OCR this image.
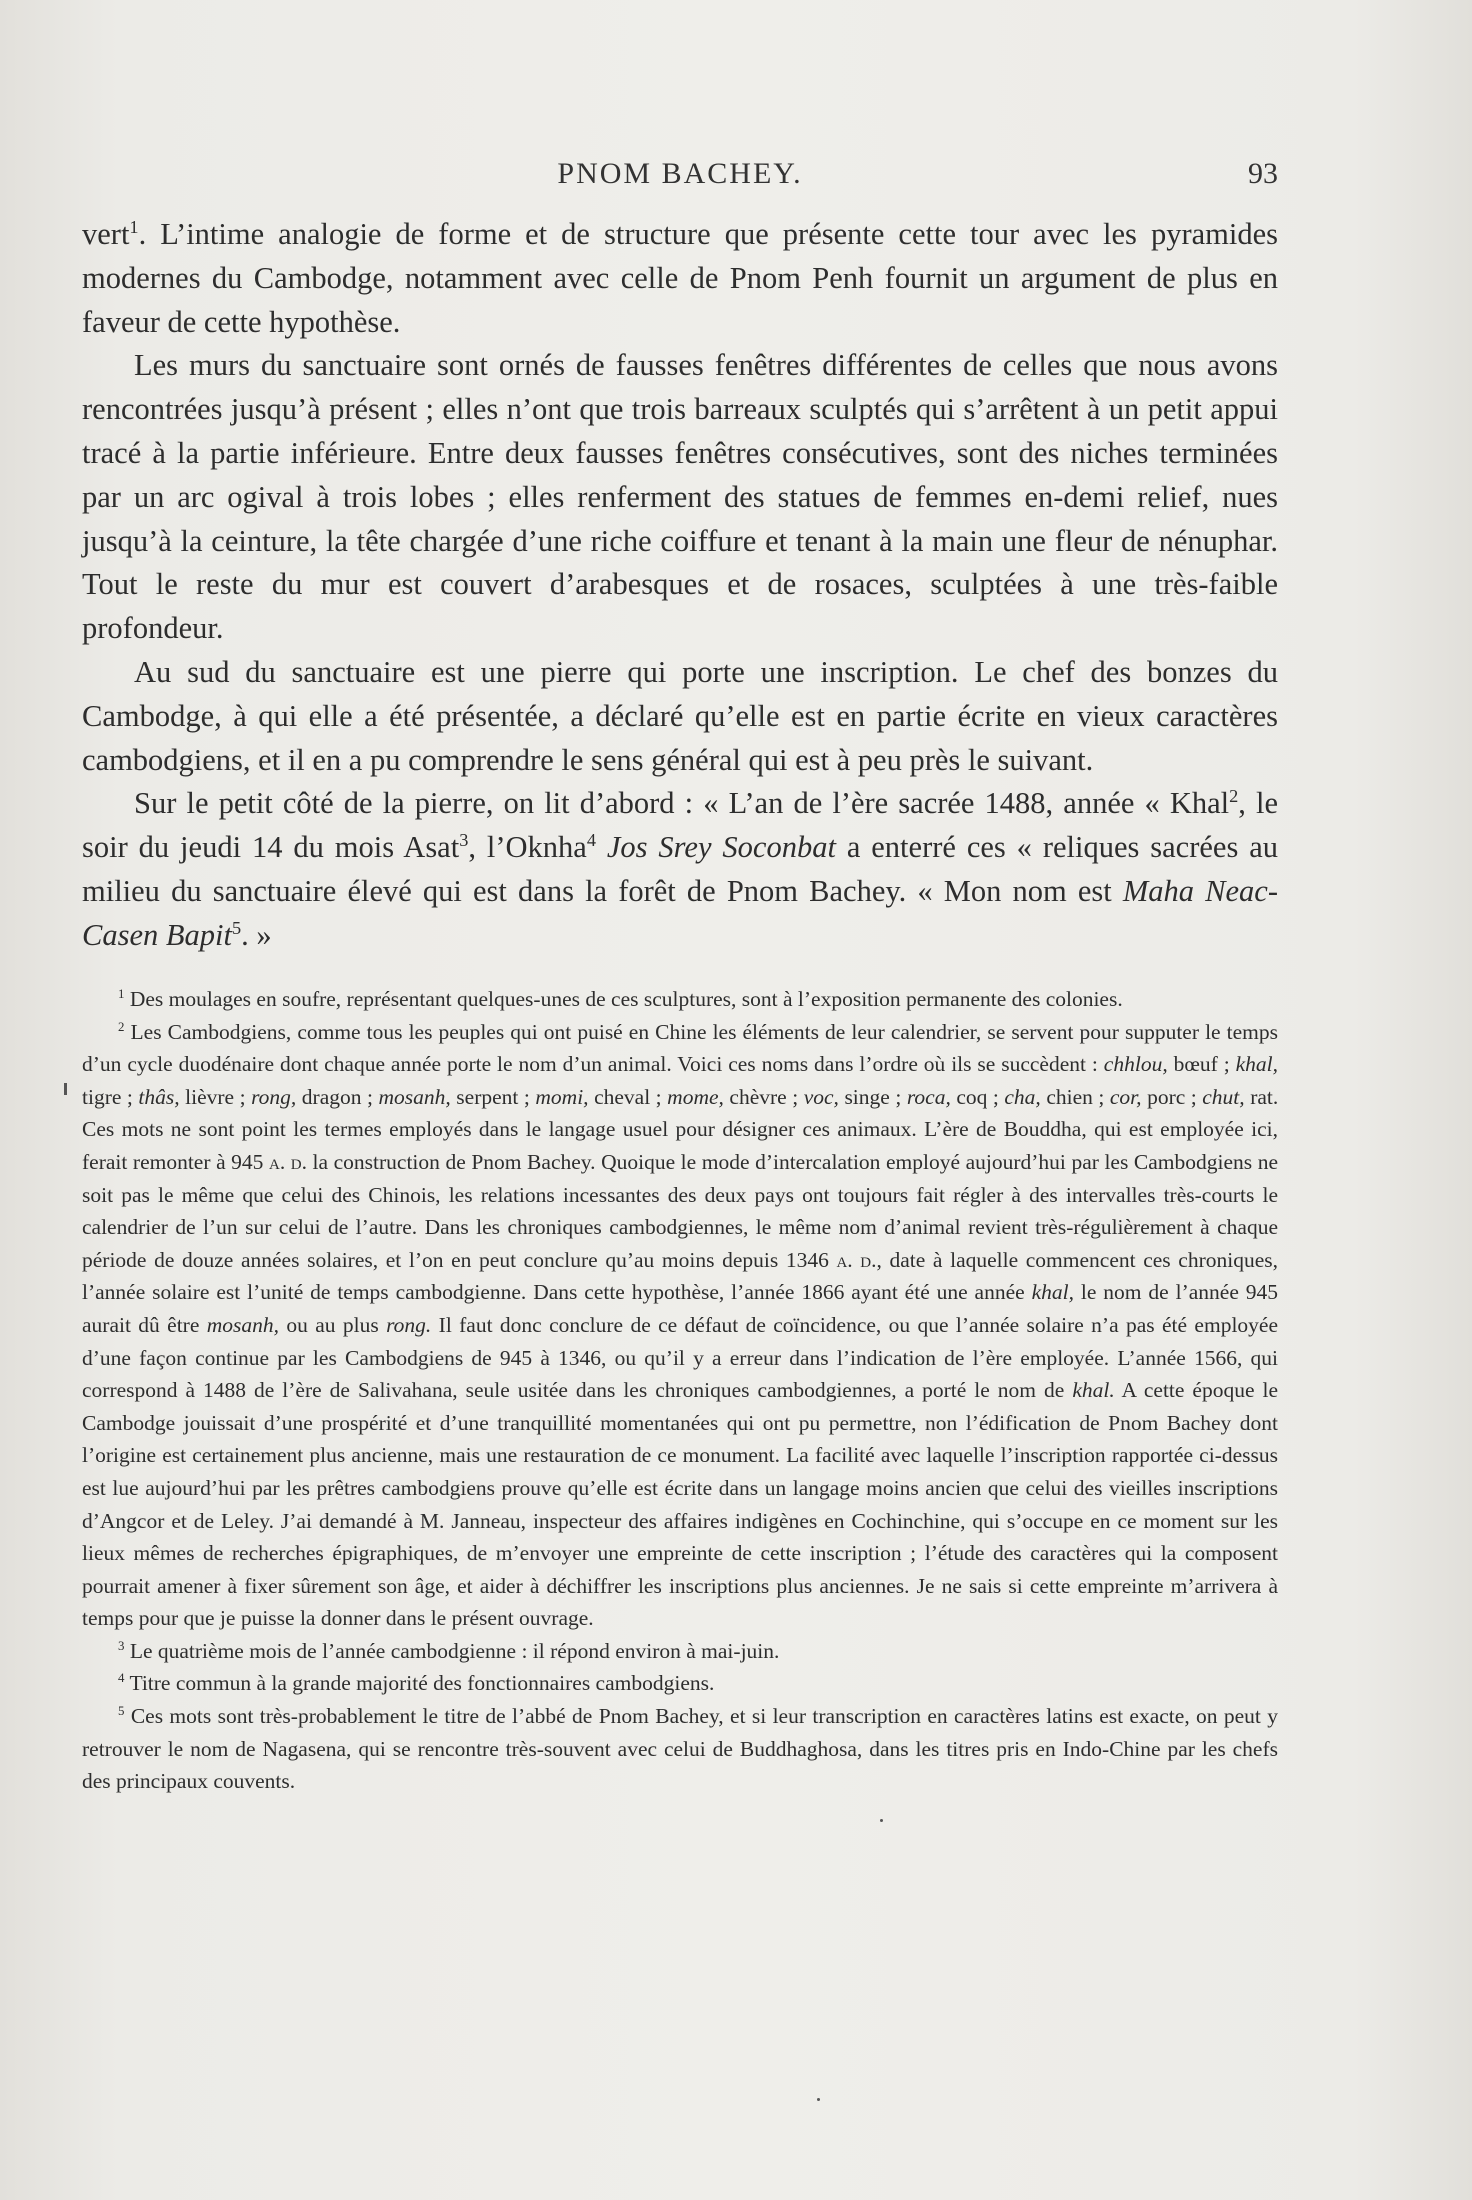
PNOM BACHEY.	93

vert$^1$. L’intime analogie de forme et de structure que présente cette tour avec les pyramides modernes du Cambodge, notamment avec celle de Pnom Penh fournit un argument de plus en faveur de cette hypothèse.

Les murs du sanctuaire sont ornés de fausses fenêtres différentes de celles que nous avons rencontrées jusqu’à présent ; elles n’ont que trois barreaux sculptés qui s’arrêtent à un petit appui tracé à la partie inférieure. Entre deux fausses fenêtres consécutives, sont des niches terminées par un arc ogival à trois lobes ; elles renferment des statues de femmes en-demi relief, nues jusqu’à la ceinture, la tête chargée d’une riche coiffure et tenant à la main une fleur de nénuphar. Tout le reste du mur est couvert d’arabesques et de rosaces, sculptées à une très-faible profondeur.

Au sud du sanctuaire est une pierre qui porte une inscription. Le chef des bonzes du Cambodge, à qui elle a été présentée, a déclaré qu’elle est en partie écrite en vieux caractères cambodgiens, et il en a pu comprendre le sens général qui est à peu près le suivant.

Sur le petit côté de la pierre, on lit d’abord : « L’an de l’ère sacrée 1488, année « Khal$^2$, le soir du jeudi 14 du mois Asat$^3$, l’Oknha$^4$ Jos Srey Soconbat a enterré ces « reliques sacrées au milieu du sanctuaire élevé qui est dans la forêt de Pnom Bachey. « Mon nom est Maha Neac-Casen Bapit$^5$. »

$^1$ Des moulages en soufre, représentant quelques-unes de ces sculptures, sont à l’exposition permanente des colonies.

$^2$ Les Cambodgiens, comme tous les peuples qui ont puisé en Chine les éléments de leur calendrier, se servent pour supputer le temps d’un cycle duodénaire dont chaque année porte le nom d’un animal. Voici ces noms dans l’ordre où ils se succèdent : chhlou, bœuf ; khal, tigre ; thâs, lièvre ; rong, dragon ; mosanh, serpent ; momi, cheval ; mome, chèvre ; voc, singe ; roca, coq ; cha, chien ; cor, porc ; chut, rat. Ces mots ne sont point les termes employés dans le langage usuel pour désigner ces animaux. L’ère de Bouddha, qui est employée ici, ferait remonter à 945 a. d. la construction de Pnom Bachey. Quoique le mode d’intercalation employé aujourd’hui par les Cambodgiens ne soit pas le même que celui des Chinois, les relations incessantes des deux pays ont toujours fait régler à des intervalles très-courts le calendrier de l’un sur celui de l’autre. Dans les chroniques cambodgiennes, le même nom d’animal revient très-régulièrement à chaque période de douze années solaires, et l’on en peut conclure qu’au moins depuis 1346 a. d., date à laquelle commencent ces chroniques, l’année solaire est l’unité de temps cambodgienne. Dans cette hypothèse, l’année 1866 ayant été une année khal, le nom de l’année 945 aurait dû être mosanh, ou au plus rong. Il faut donc conclure de ce défaut de coïncidence, ou que l’année solaire n’a pas été employée d’une façon continue par les Cambodgiens de 945 à 1346, ou qu’il y a erreur dans l’indication de l’ère employée. L’année 1566, qui correspond à 1488 de l’ère de Salivahana, seule usitée dans les chroniques cambodgiennes, a porté le nom de khal. A cette époque le Cambodge jouissait d’une prospérité et d’une tranquillité momentanées qui ont pu permettre, non l’édification de Pnom Bachey dont l’origine est certainement plus ancienne, mais une restauration de ce monument. La facilité avec laquelle l’inscription rapportée ci-dessus est lue aujourd’hui par les prêtres cambodgiens prouve qu’elle est écrite dans un langage moins ancien que celui des vieilles inscriptions d’Angcor et de Leley. J’ai demandé à M. Janneau, inspecteur des affaires indigènes en Cochinchine, qui s’occupe en ce moment sur les lieux mêmes de recherches épigraphiques, de m’envoyer une empreinte de cette inscription ; l’étude des caractères qui la composent pourrait amener à fixer sûrement son âge, et aider à déchiffrer les inscriptions plus anciennes. Je ne sais si cette empreinte m’arrivera à temps pour que je puisse la donner dans le présent ouvrage.

$^3$ Le quatrième mois de l’année cambodgienne : il répond environ à mai-juin.

$^4$ Titre commun à la grande majorité des fonctionnaires cambodgiens.

$^5$ Ces mots sont très-probablement le titre de l’abbé de Pnom Bachey, et si leur transcription en caractères latins est exacte, on peut y retrouver le nom de Nagasena, qui se rencontre très-souvent avec celui de Buddhaghosa, dans les titres pris en Indo-Chine par les chefs des principaux couvents.
